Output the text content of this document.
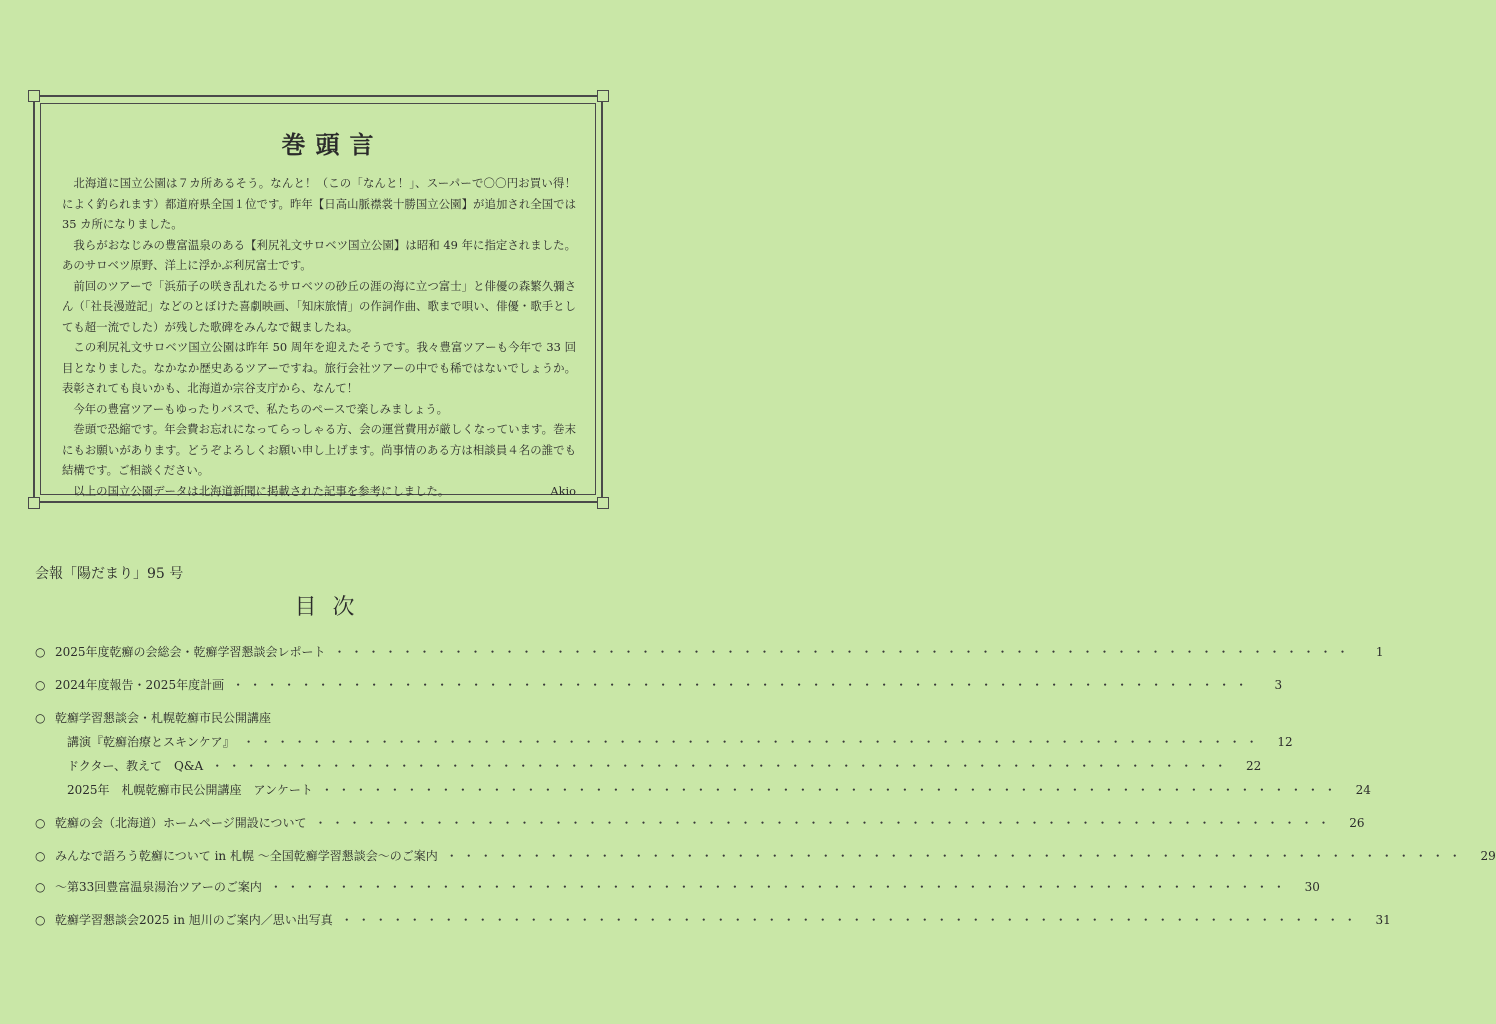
巻頭言

北海道に国立公園は７カ所あるそう。なんと！（この「なんと！」、スーパーで〇〇円お買い得！によく釣られます）都道府県全国１位です。昨年【日高山脈襟裳十勝国立公園】が追加され全国では 35 カ所になりました。

我らがおなじみの豊富温泉のある【利尻礼文サロベツ国立公園】は昭和 49 年に指定されました。あのサロベツ原野、洋上に浮かぶ利尻富士です。

前回のツアーで「浜茄子の咲き乱れたるサロベツの砂丘の涯の海に立つ富士」と俳優の森繁久彌さん（「社長漫遊記」などのとぼけた喜劇映画、「知床旅情」の作詞作曲、歌まで唄い、俳優・歌手としても超一流でした）が残した歌碑をみんなで観ましたね。

この利尻礼文サロベツ国立公園は昨年 50 周年を迎えたそうです。我々豊富ツアーも今年で 33 回目となりました。なかなか歴史あるツアーですね。旅行会社ツアーの中でも稀ではないでしょうか。表彰されても良いかも、北海道か宗谷支庁から、なんて！

今年の豊富ツアーもゆったりバスで、私たちのペースで楽しみましょう。

巻頭で恐縮です。年会費お忘れになってらっしゃる方、会の運営費用が厳しくなっています。巻末にもお願いがあります。どうぞよろしくお願い申し上げます。尚事情のある方は相談員４名の誰でも結構です。ご相談ください。

以上の国立公園データは北海道新聞に掲載された記事を参考にしました。	Akio

会報「陽だまり」95 号
目次
○ 2025年度乾癬の会総会・乾癬学習懇談会レポート ・・・・・・・・・・・・・・・・・・・・・・・・・・・・・・・・・・・・・・・・・・・・・・・・・・・・・・・・・・・・	1
○ 2024年度報告・2025年度計画 ・・・・・・・・・・・・・・・・・・・・・・・・・・・・・・・・・・・・・・・・・・・・・・・・・・・・・・・・・・・・	3
○ 乾癬学習懇談会・札幌乾癬市民公開講座
講演『乾癬治療とスキンケア』 ・・・・・・・・・・・・・・・・・・・・・・・・・・・・・・・・・・・・・・・・・・・・・・・・・・・・・・・・・・・・	12
ドクター、教えて　Q&A ・・・・・・・・・・・・・・・・・・・・・・・・・・・・・・・・・・・・・・・・・・・・・・・・・・・・・・・・・・・・	22
2025年　札幌乾癬市民公開講座　アンケート ・・・・・・・・・・・・・・・・・・・・・・・・・・・・・・・・・・・・・・・・・・・・・・・・・・・・・・・・・・・・	24
○ 乾癬の会（北海道）ホームページ開設について ・・・・・・・・・・・・・・・・・・・・・・・・・・・・・・・・・・・・・・・・・・・・・・・・・・・・・・・・・・・・	26
○ みんなで語ろう乾癬について in 札幌 ～全国乾癬学習懇談会～のご案内 ・・・・・・・・・・・・・・・・・・・・・・・・・・・・・・・・・・・・・・・・・・・・・・・・・・・・・・・・・・・・	29
○ ～第33回豊富温泉湯治ツアーのご案内 ・・・・・・・・・・・・・・・・・・・・・・・・・・・・・・・・・・・・・・・・・・・・・・・・・・・・・・・・・・・・	30
○ 乾癬学習懇談会2025 in 旭川のご案内／思い出写真 ・・・・・・・・・・・・・・・・・・・・・・・・・・・・・・・・・・・・・・・・・・・・・・・・・・・・・・・・・・・・	31
